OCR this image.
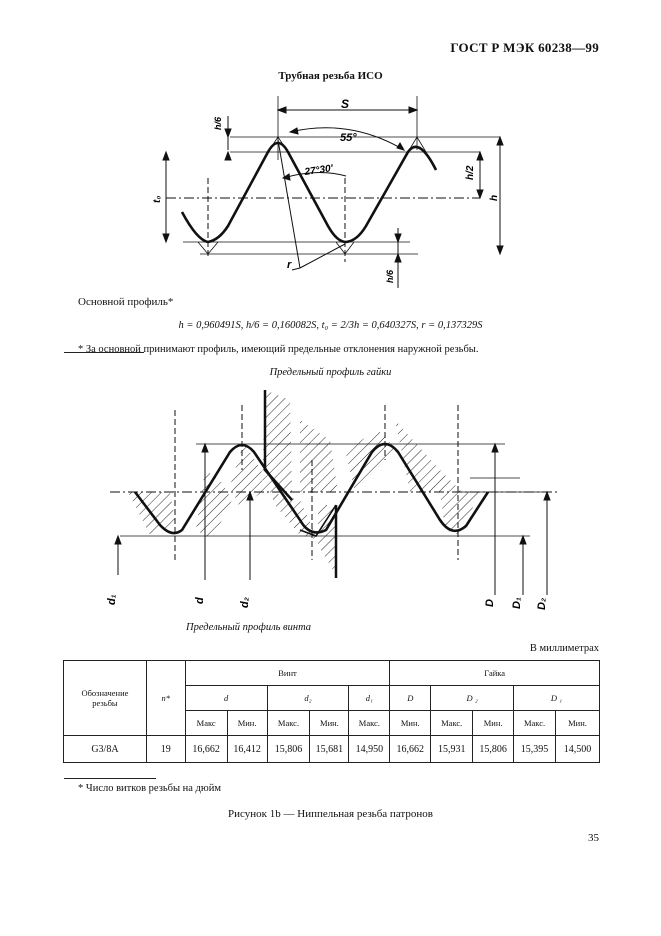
ГОСТ Р МЭК 60238—99
Трубная резьба ИСО
S
55°
27°30'
h/6
t₀
h/2
h
r
h/6
Основной профиль*
h = 0,960491S, h/6 = 0,160082S, t₀ = 2/3h = 0,640327S, r = 0,137329S
* За основной принимают профиль, имеющий предельные отклонения наружной резьбы.
Предельный профиль гайки
d₁	d	d₂	D D₁ D₂
Предельный профиль винта
В миллиметрах
Обозначение резьбы	n*	Винт					Гайка				
		d		d₂		d₁	D	D ₂		D ₁	
		Макс	Мин.	Макс.	Мин.	Макс.	Мин.	Макс.	Мин.	Макс.	Мин.
G3/8A	19	16,662	16,412	15,806	15,681	14,950	16,662	15,931	15,806	15,395	14,500
* Число витков резьбы на дюйм
Рисунок 1b — Ниппельная резьба патронов
35
